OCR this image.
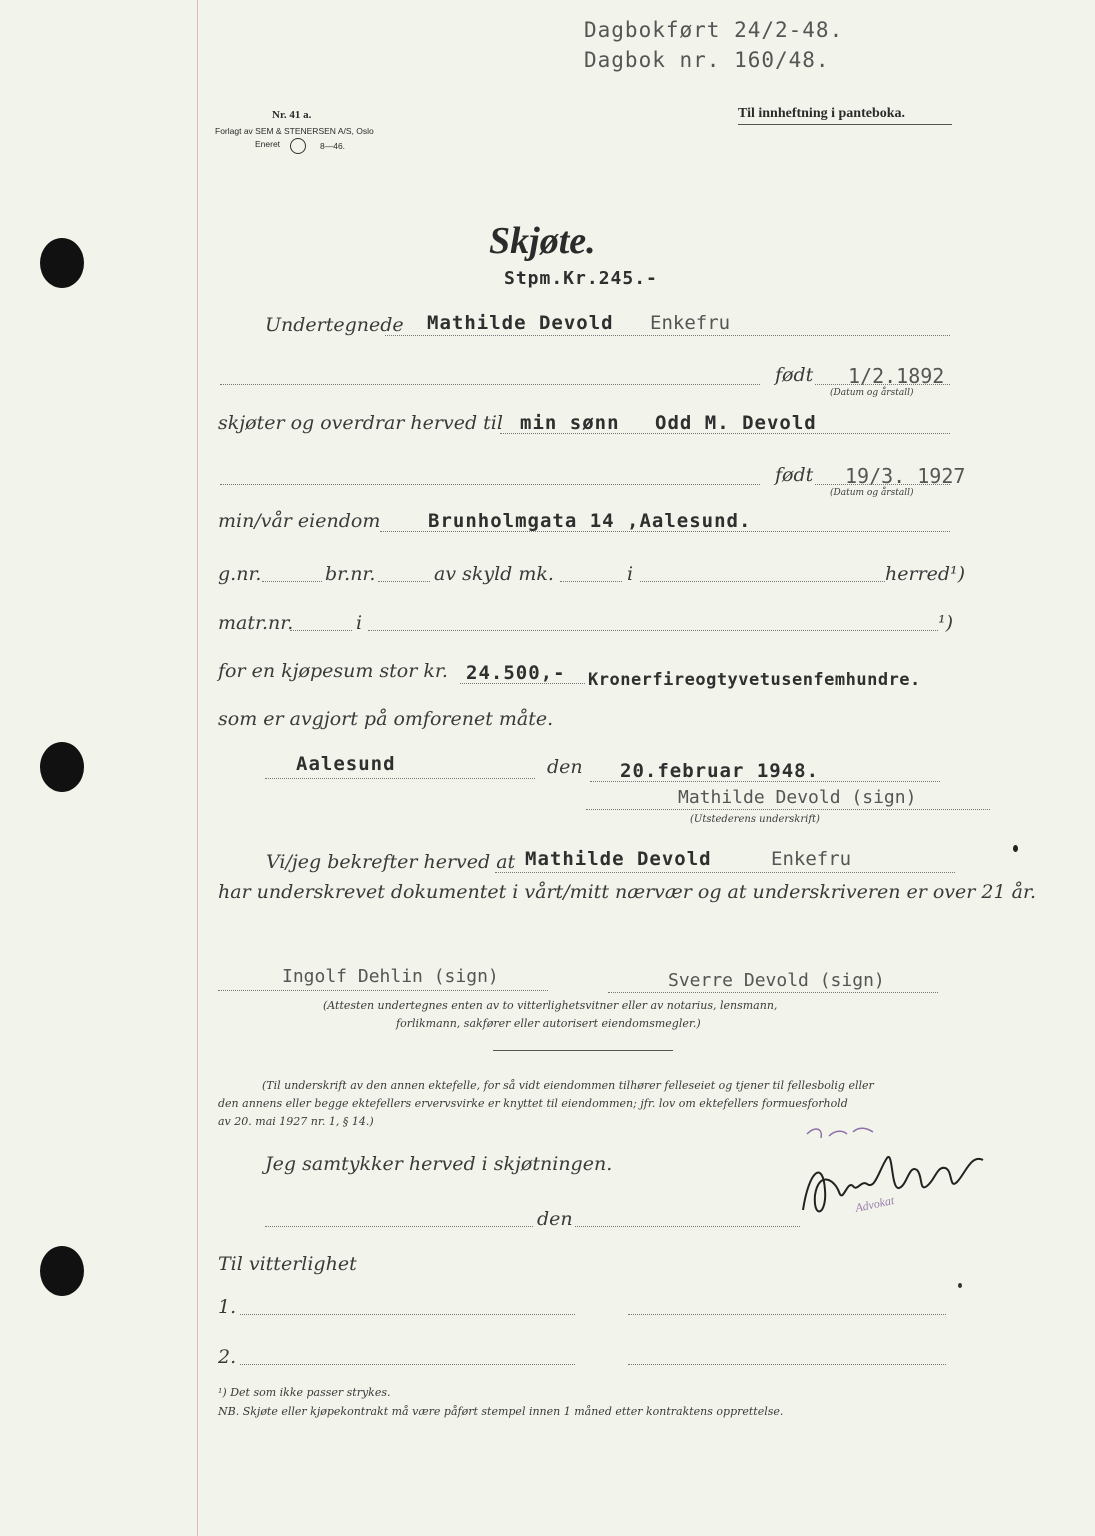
Dagbokført 24/2-48.
Dagbok nr. 160/48.
Til innheftning i panteboka.
Nr. 41 a.
Forlagt av SEM & STENERSEN A/S, Oslo
Eneret	8—46.
Skjøte.
Stpm.Kr.245.-
Undertegnede Mathilde Devold Enkefru
født 1/2.1892
(Datum og årstall)
skjøter og overdrar herved til min sønn Odd M. Devold
født 19/3. 1927
(Datum og årstall)
min/vår eiendom	Brunholmgata 14 ,Aalesund.
g.nr.	br.nr.	av skyld mk.	i	herred¹)
matr.nr.	i	¹)
for en kjøpesum stor kr. 24.500,- Kronerfireogtyvetusenfemhundre.
som er avgjort på omforenet måte.
Aalesund	den 20.februar 1948.
Mathilde Devold (sign)
(Utstederens underskrift)
Vi/jeg bekrefter herved at Mathilde Devold	Enkefru
har underskrevet dokumentet i vårt/mitt nærvær og at underskriveren er over 21 år.
Ingolf Dehlin (sign)	Sverre Devold (sign)
(Attesten undertegnes enten av to vitterlighetsvitner eller av notarius, lensmann,
forlikmann, sakfører eller autorisert eiendomsmegler.)
(Til underskrift av den annen ektefelle, for så vidt eiendommen tilhører felleseiet og tjener til fellesbolig eller
den annens eller begge ektefellers ervervsvirke er knyttet til eiendommen; jfr. lov om ektefellers formuesforhold
av 20. mai 1927 nr. 1, § 14.)
Jeg samtykker herved i skjøtningen.
den
Advokat
Til vitterlighet
1.
2.
¹) Det som ikke passer strykes.
NB. Skjøte eller kjøpekontrakt må være påført stempel innen 1 måned etter kontraktens opprettelse.
